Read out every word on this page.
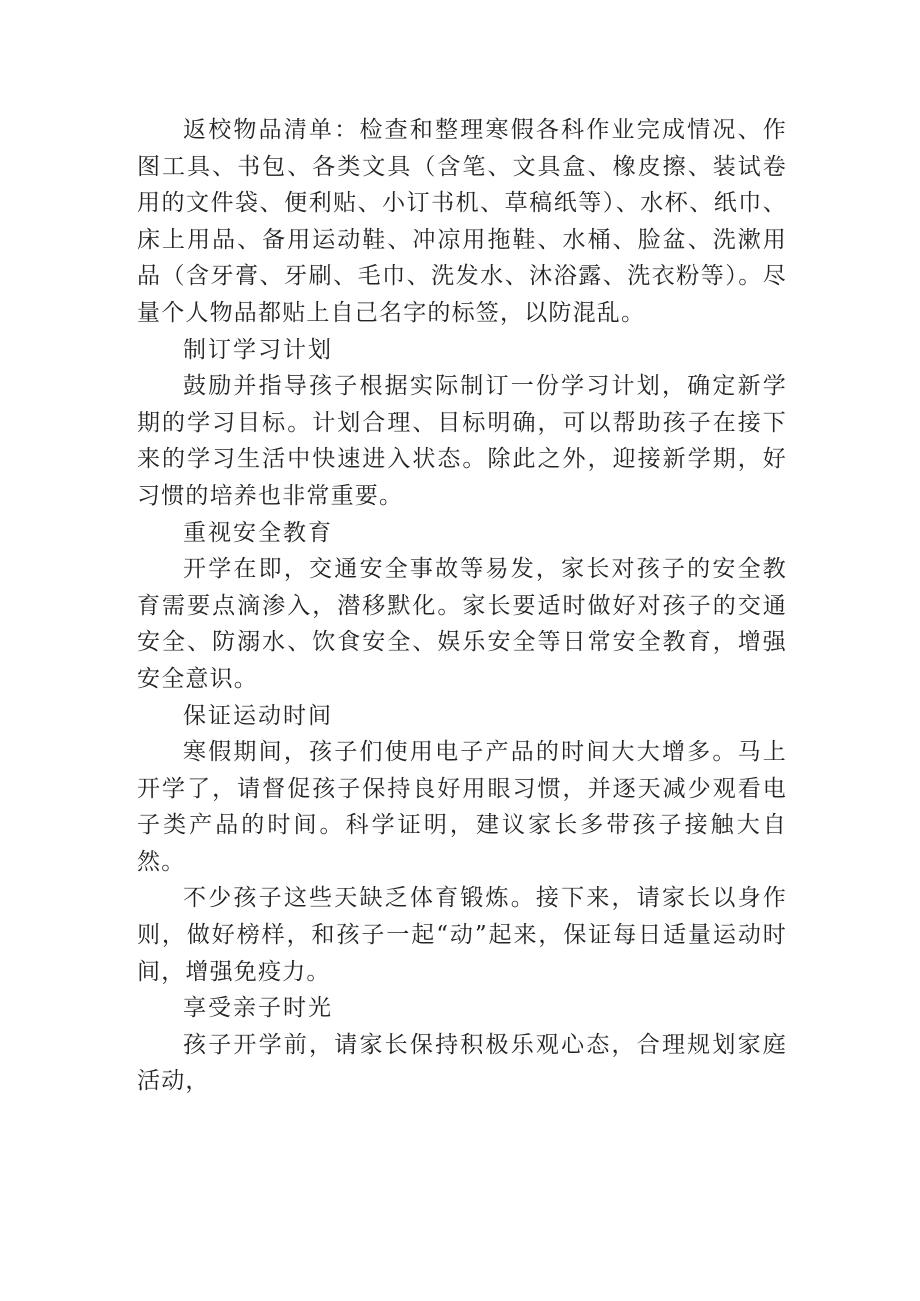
返校物品清单：检查和整理寒假各科作业完成情况、作图工具、书包、各类文具（含笔、文具盒、橡皮擦、装试卷用的文件袋、便利贴、小订书机、草稿纸等）、水杯、纸巾、床上用品、备用运动鞋、冲凉用拖鞋、水桶、脸盆、洗漱用品（含牙膏、牙刷、毛巾、洗发水、沐浴露、洗衣粉等）。尽量个人物品都贴上自己名字的标签，以防混乱。

制订学习计划

鼓励并指导孩子根据实际制订一份学习计划，确定新学期的学习目标。计划合理、目标明确，可以帮助孩子在接下来的学习生活中快速进入状态。除此之外，迎接新学期，好习惯的培养也非常重要。

重视安全教育

开学在即，交通安全事故等易发，家长对孩子的安全教育需要点滴渗入，潜移默化。家长要适时做好对孩子的交通安全、防溺水、饮食安全、娱乐安全等日常安全教育，增强安全意识。

保证运动时间

寒假期间，孩子们使用电子产品的时间大大增多。马上开学了，请督促孩子保持良好用眼习惯，并逐天减少观看电子类产品的时间。科学证明，建议家长多带孩子接触大自然。

不少孩子这些天缺乏体育锻炼。接下来，请家长以身作则，做好榜样，和孩子一起“动”起来，保证每日适量运动时间，增强免疫力。

享受亲子时光

孩子开学前，请家长保持积极乐观心态，合理规划家庭活动，
